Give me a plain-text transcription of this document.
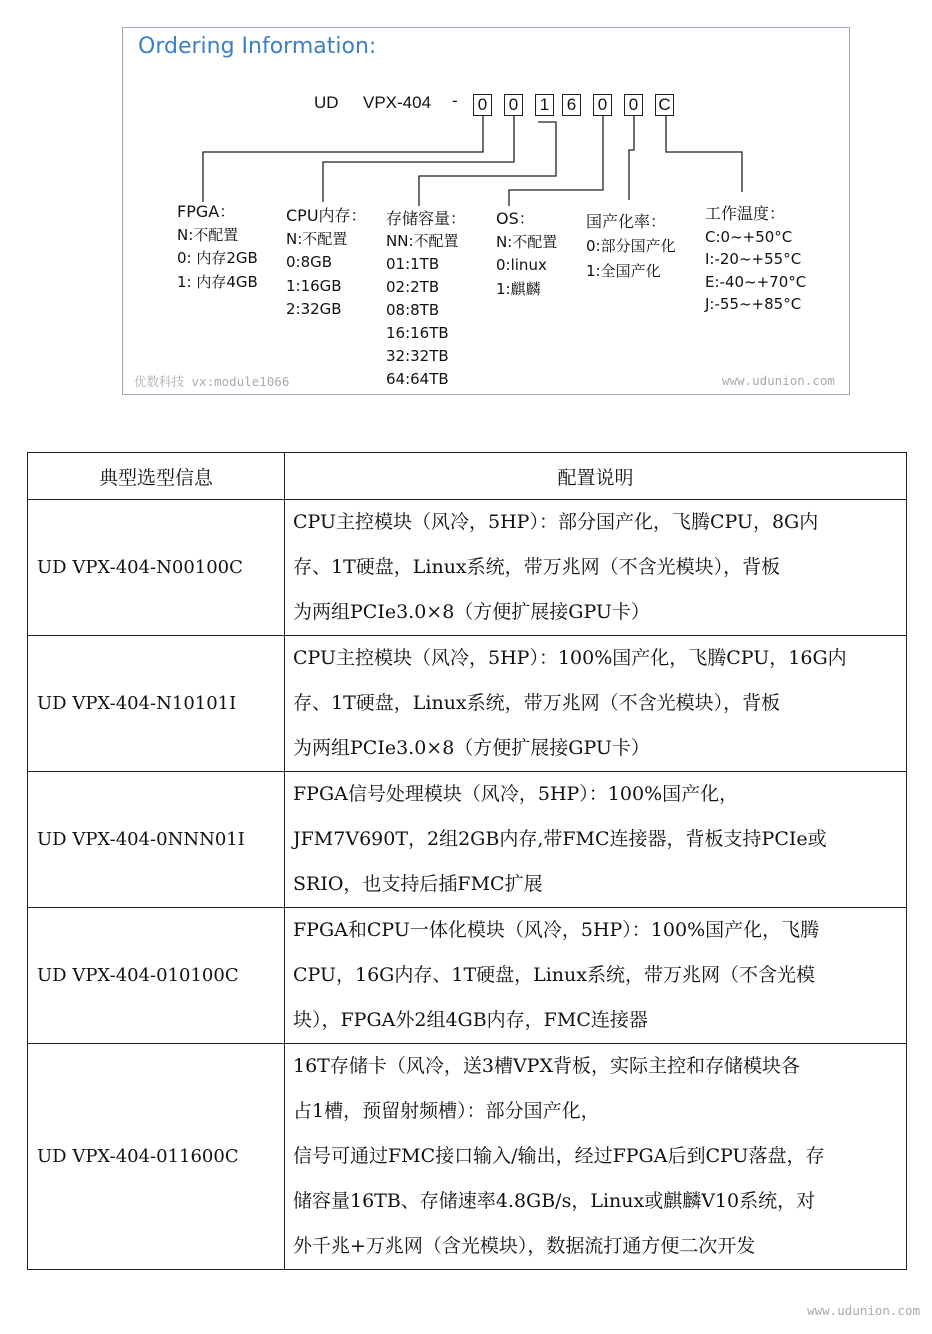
Ordering Information:
UD VPX-404 - 0 0 1 6 0 0 C
FPGA：
N:不配置
0: 内存2GB
1: 内存4GB
CPU内存：
N:不配置
0:8GB
1:16GB
2:32GB
存储容量：
NN:不配置
01:1TB
02:2TB
08:8TB
16:16TB
32:32TB
64:64TB
OS：
N:不配置
0:linux
1:麒麟
国产化率：
0:部分国产化
1:全国产化
工作温度：
C:0~+50°C
I:-20~+55°C
E:-40~+70°C
J:-55~+85°C
优数科技 vx:module1066	www.udunion.com
典型选型信息	配置说明
UD VPX-404-N00100C	CPU主控模块（风冷，5HP）：部分国产化，飞腾CPU，8G内
存、1T硬盘，Linux系统，带万兆网（不含光模块），背板
为两组PCIe3.0×8（方便扩展接GPU卡）

UD VPX-404-N10101I	CPU主控模块（风冷，5HP）：100%国产化，飞腾CPU，16G内
存、1T硬盘，Linux系统，带万兆网（不含光模块），背板
为两组PCIe3.0×8（方便扩展接GPU卡）

UD VPX-404-0NNN01I	FPGA信号处理模块（风冷，5HP）：100%国产化，
JFM7V690T，2组2GB内存,带FMC连接器，背板支持PCIe或
SRIO，也支持后插FMC扩展

UD VPX-404-010100C	FPGA和CPU一体化模块（风冷，5HP）：100%国产化，飞腾
CPU，16G内存、1T硬盘，Linux系统，带万兆网（不含光模
块），FPGA外2组4GB内存，FMC连接器

UD VPX-404-011600C	16T存储卡（风冷，送3槽VPX背板，实际主控和存储模块各
占1槽，预留射频槽）：部分国产化，
信号可通过FMC接口输入/输出，经过FPGA后到CPU落盘，存
储容量16TB、存储速率4.8GB/s，Linux或麒麟V10系统，对
外千兆+万兆网（含光模块），数据流打通方便二次开发
www.udunion.com
